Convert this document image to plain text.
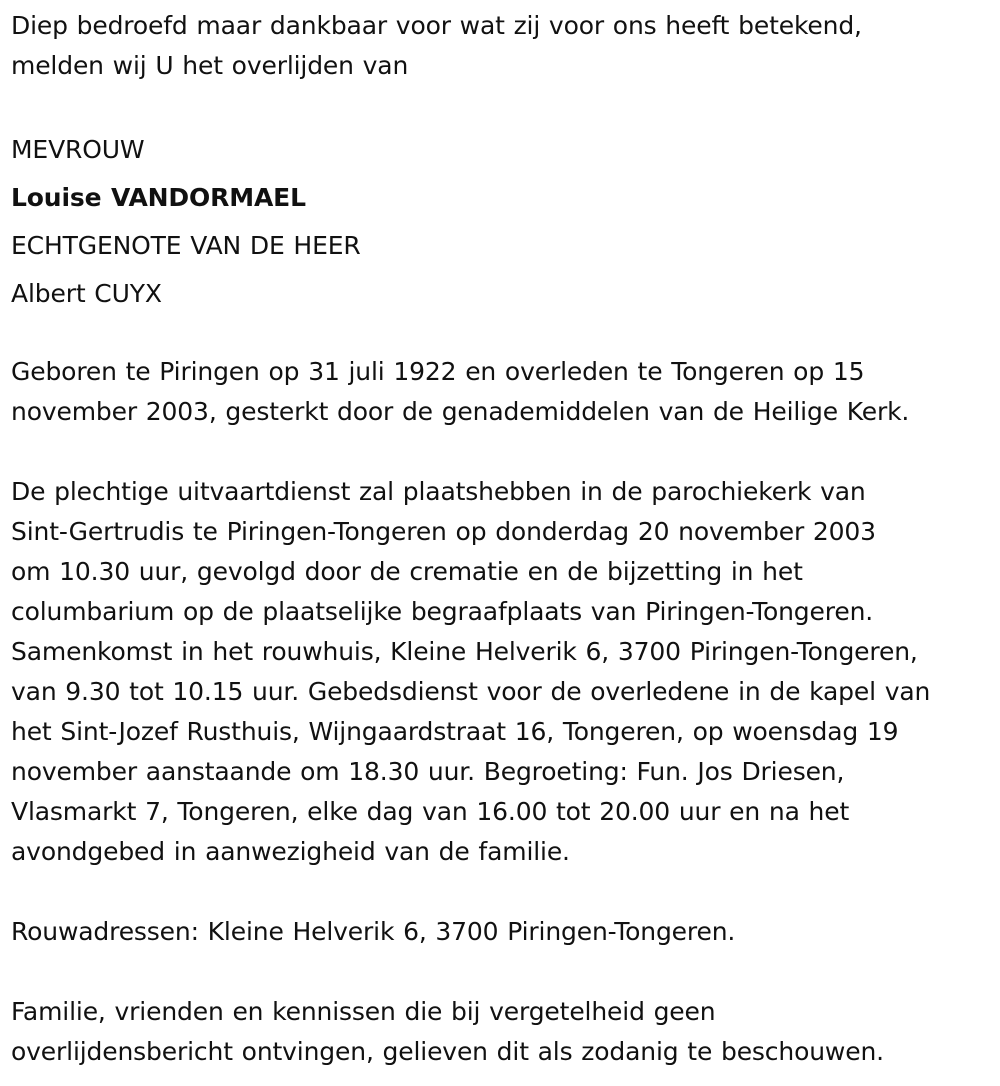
Diep bedroefd maar dankbaar voor wat zij voor ons heeft betekend,

melden wij U het overlijden van

MEVROUW

Louise VANDORMAEL

ECHTGENOTE VAN DE HEER

Albert CUYX

Geboren te Piringen op 31 juli 1922 en overleden te Tongeren op 15

november 2003, gesterkt door de genademiddelen van de Heilige Kerk.

De plechtige uitvaartdienst zal plaatshebben in de parochiekerk van

Sint-Gertrudis te Piringen-Tongeren op donderdag 20 november 2003

om 10.30 uur, gevolgd door de crematie en de bijzetting in het

columbarium op de plaatselijke begraafplaats van Piringen-Tongeren.

Samenkomst in het rouwhuis, Kleine Helverik 6, 3700 Piringen-Tongeren,

van 9.30 tot 10.15 uur. Gebedsdienst voor de overledene in de kapel van

het Sint-Jozef Rusthuis, Wijngaardstraat 16, Tongeren, op woensdag 19

november aanstaande om 18.30 uur. Begroeting: Fun. Jos Driesen,

Vlasmarkt 7, Tongeren, elke dag van 16.00 tot 20.00 uur en na het

avondgebed in aanwezigheid van de familie.

Rouwadressen: Kleine Helverik 6, 3700 Piringen-Tongeren.

Familie, vrienden en kennissen die bij vergetelheid geen

overlijdensbericht ontvingen, gelieven dit als zodanig te beschouwen.
